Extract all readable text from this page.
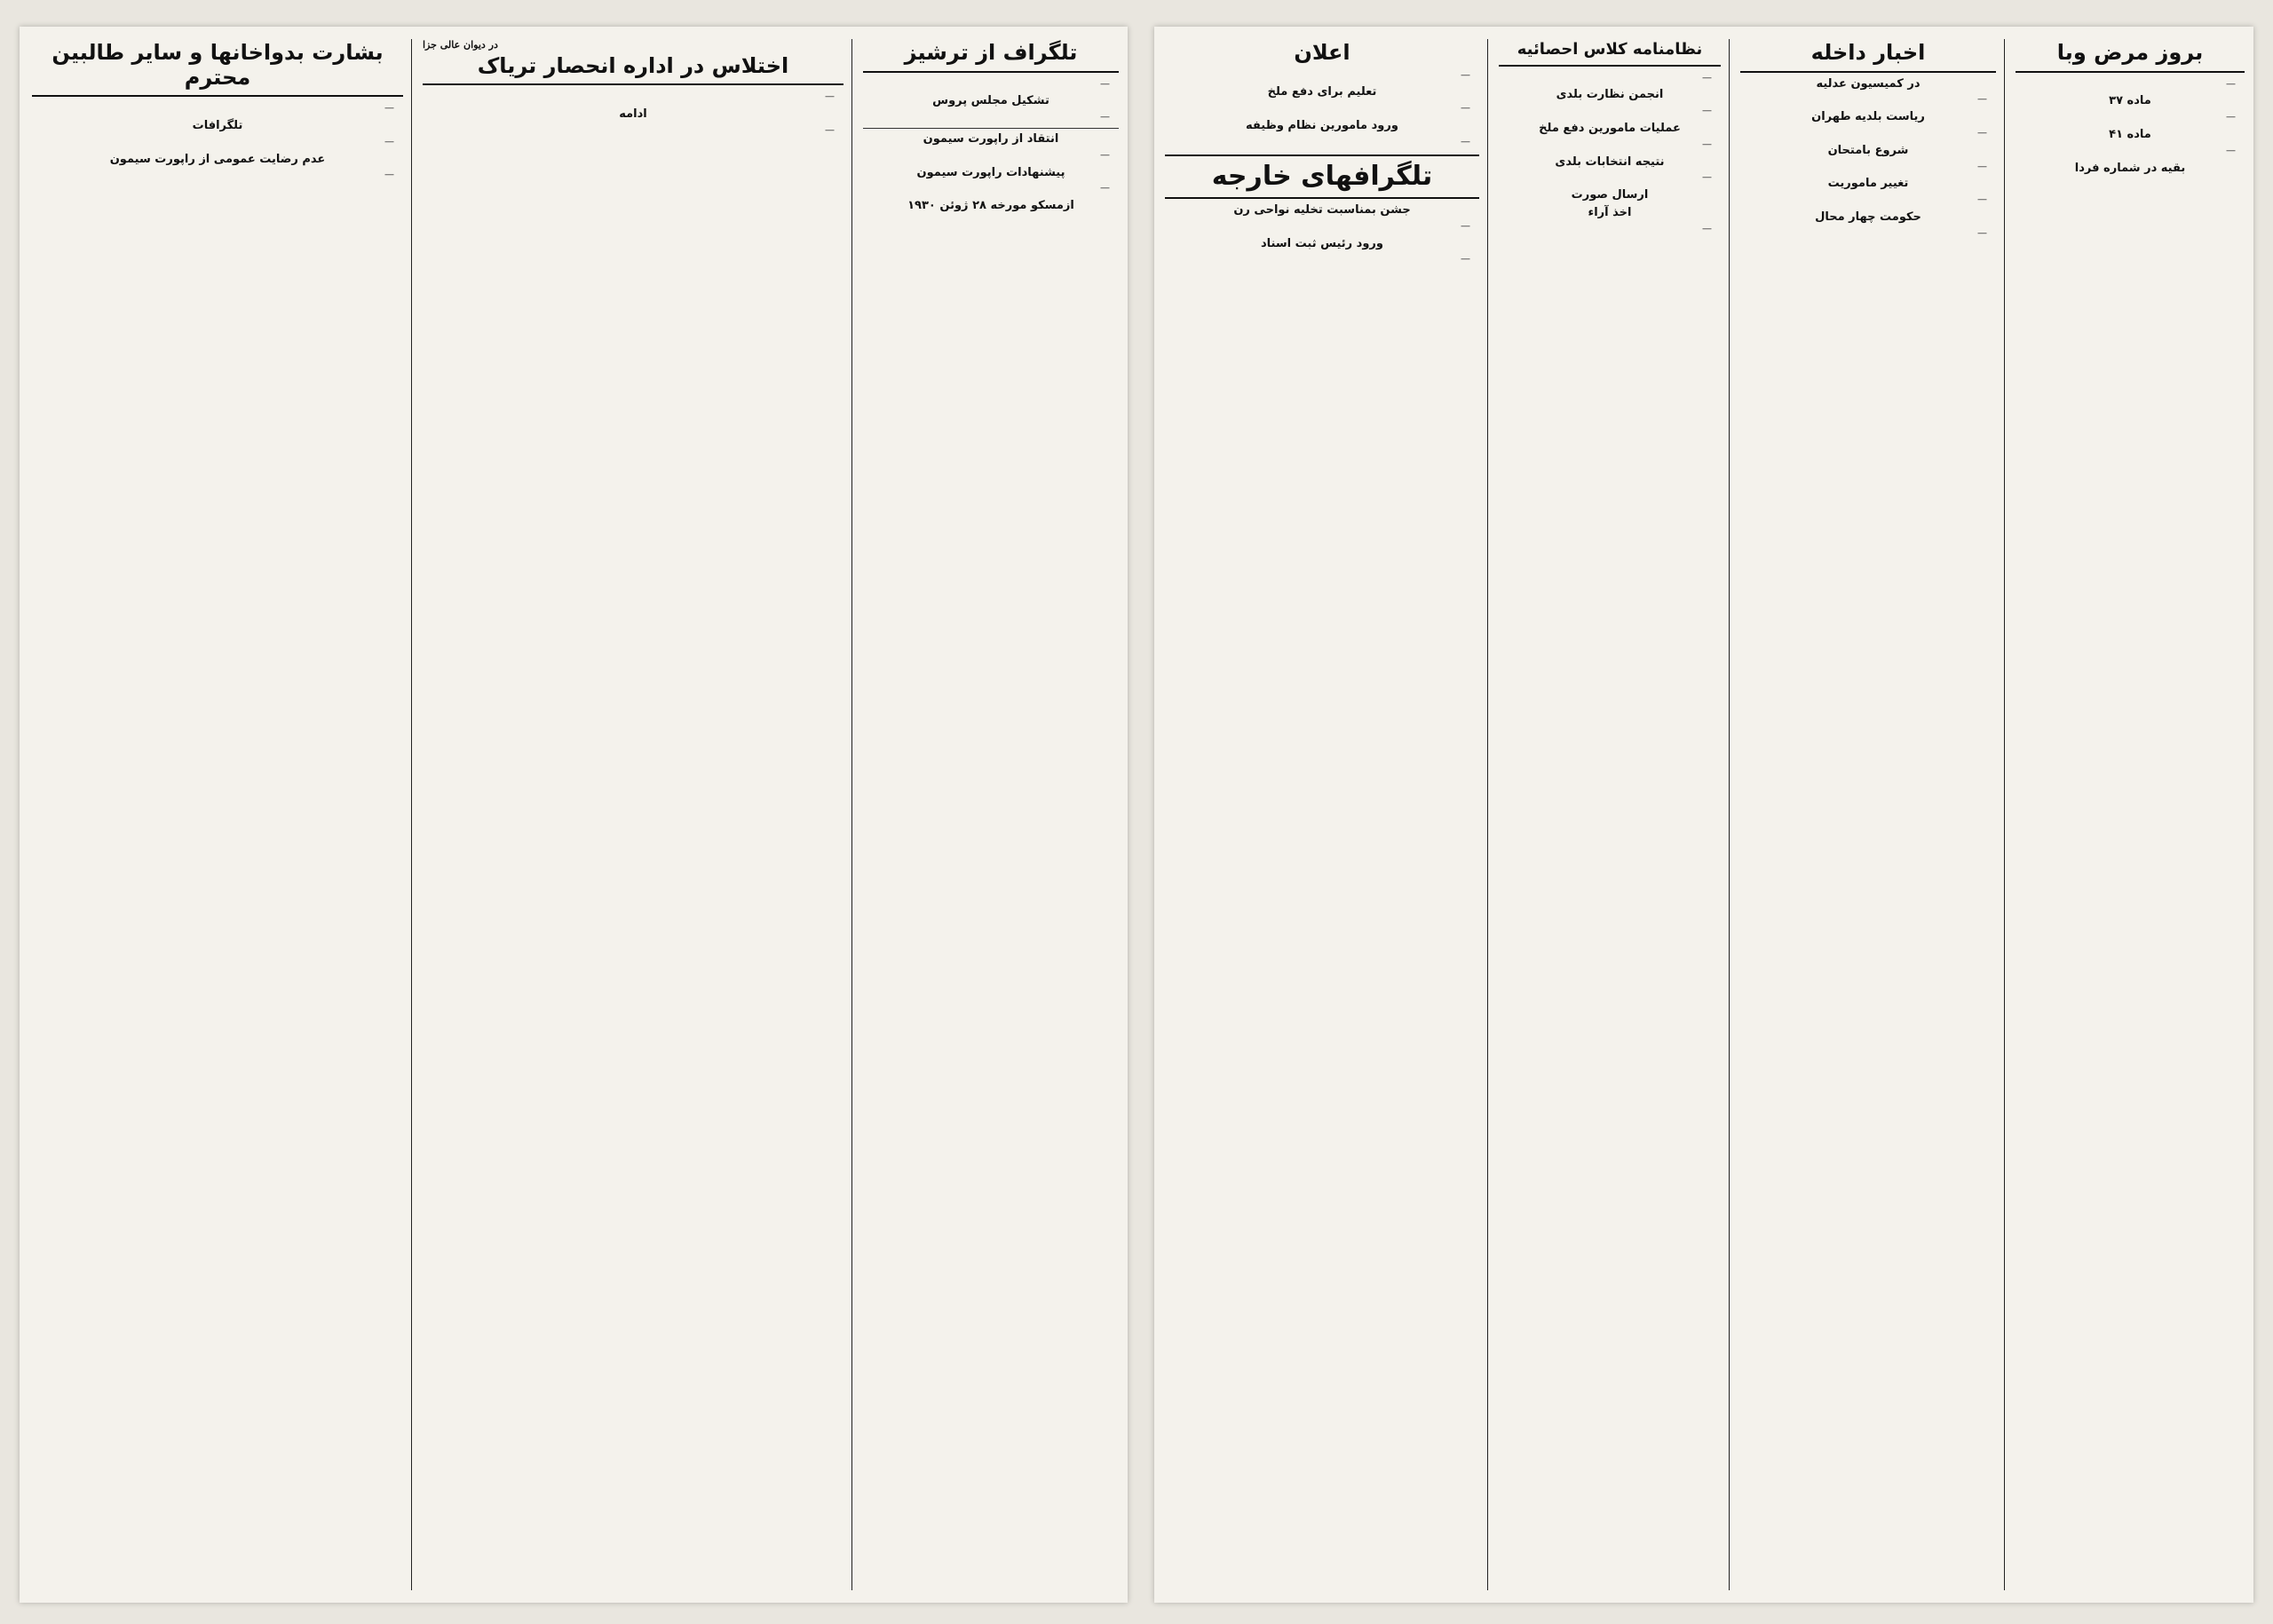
تلگراف از ترشیز

—

تشکیل مجلس پروس

—

انتقاد از راپورت سیمون

—

پیشنهادات راپورت سیمون

—

ازمسکو مورخه ۲۸ ژوئن ۱۹۳۰
در دیوان عالی جزا
اختلاس در اداره انحصار تریاک

—

ادامه

—

بشارت بدواخانها و سایر طالبین محترم

—

تلگرافات

—

عدم رضایت عمومی از راپورت سیمون

—

بروز مرض وبا

—

ماده ۳۷

—

ماده ۴۱

—

بقیه در شماره فردا
اخبار داخله
در کمیسیون عدلیه

—

ریاست بلدیه طهران

—

شروع بامتحان

—

تغییر ماموریت

—

حکومت چهار محال

—

نظامنامه کلاس احصائیه

—

انجمن نظارت بلدی

—

عملیات مامورین دفع ملخ

—

نتیجه انتخابات بلدی

—

ارسال صورت
اخذ آراء

—

اعلان

—

تعلیم برای دفع ملخ

—

ورود مامورین نظام وظیفه

—

تلگرافهای خارجه
جشن بمناسبت تخلیه نواحی رن

—

ورود رئیس ثبت اسناد

—
